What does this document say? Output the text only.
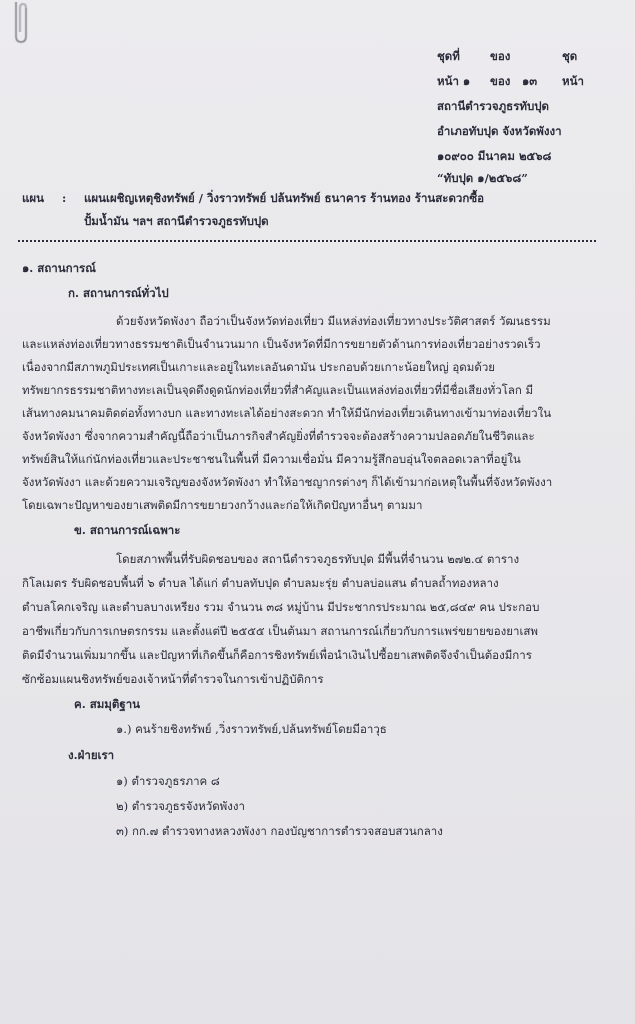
ชุดที่	ของ	ชุด
หน้า ๑ ของ ๑๓ หน้า
สถานีตำรวจภูธรทับปุด
อำเภอทับปุด จังหวัดพังงา
๑๐๙๐๐ มีนาคม ๒๕๖๘
“ทับปุด ๑/๒๕๖๘”
แผน : แผนเผชิญเหตุชิงทรัพย์ / วิ่งราวทรัพย์ ปล้นทรัพย์ ธนาคาร ร้านทอง ร้านสะดวกซื้อ
ปั้มน้ำมัน ฯลฯ สถานีตำรวจภูธรทับปุด
๑. สถานการณ์
ก. สถานการณ์ทั่วไป
ด้วยจังหวัดพังงา ถือว่าเป็นจังหวัดท่องเที่ยว มีแหล่งท่องเที่ยวทางประวัติศาสตร์ วัฒนธรรม
และแหล่งท่องเที่ยวทางธรรมชาติเป็นจำนวนมาก เป็นจังหวัดที่มีการขยายตัวด้านการท่องเที่ยวอย่างรวดเร็ว
เนื่องจากมีสภาพภูมิประเทศเป็นเกาะและอยู่ในทะเลอันดามัน ประกอบด้วยเกาะน้อยใหญ่ อุดมด้วย
ทรัพยากรธรรมชาติทางทะเลเป็นจุดดึงดูดนักท่องเที่ยวที่สำคัญและเป็นแหล่งท่องเที่ยวที่มีชื่อเสียงทั่วโลก มี
เส้นทางคมนาคมติดต่อทั้งทางบก และทางทะเลได้อย่างสะดวก ทำให้มีนักท่องเที่ยวเดินทางเข้ามาท่องเที่ยวใน
จังหวัดพังงา ซึ่งจากความสำคัญนี้ถือว่าเป็นภารกิจสำคัญยิ่งที่ตำรวจจะต้องสร้างความปลอดภัยในชีวิตและ
ทรัพย์สินให้แก่นักท่องเที่ยวและประชาชนในพื้นที่ มีความเชื่อมั่น มีความรู้สึกอบอุ่นใจตลอดเวลาที่อยู่ใน
จังหวัดพังงา และด้วยความเจริญของจังหวัดพังงา ทำให้อาชญากรต่างๆ ก็ได้เข้ามาก่อเหตุในพื้นที่จังหวัดพังงา
โดยเฉพาะปัญหาของยาเสพติดมีการขยายวงกว้างและก่อให้เกิดปัญหาอื่นๆ ตามมา
ข. สถานการณ์เฉพาะ
โดยสภาพพื้นที่รับผิดชอบของ สถานีตำรวจภูธรทับปุด มีพื้นที่จำนวน ๒๗๒.๔ ตาราง
กิโลเมตร รับผิดชอบพื้นที่ ๖ ตำบล ได้แก่ ตำบลทับปุด ตำบลมะรุ่ย ตำบลบ่อแสน ตำบลถ้ำทองหลาง
ตำบลโคกเจริญ และตำบลบางเหรียง รวม จำนวน ๓๘ หมู่บ้าน มีประชากรประมาณ ๒๕,๘๔๙ คน ประกอบ
อาชีพเกี่ยวกับการเกษตรกรรม และตั้งแต่ปี ๒๕๕๕ เป็นต้นมา สถานการณ์เกี่ยวกับการแพร่ขยายของยาเสพ
ติดมีจำนวนเพิ่มมากขึ้น และปัญหาที่เกิดขึ้นก็คือการชิงทรัพย์เพื่อนำเงินไปซื้อยาเสพติดจึงจำเป็นต้องมีการ
ซักซ้อมแผนชิงทรัพย์ของเจ้าหน้าที่ตำรวจในการเข้าปฏิบัติการ
ค. สมมุติฐาน
๑.) คนร้ายชิงทรัพย์ ,วิ่งราวทรัพย์,ปล้นทรัพย์โดยมีอาวุธ
ง.ฝ่ายเรา
๑) ตำรวจภูธรภาค ๘
๒) ตำรวจภูธรจังหวัดพังงา
๓) กก.๗ ตำรวจทางหลวงพังงา กองบัญชาการตำรวจสอบสวนกลาง
